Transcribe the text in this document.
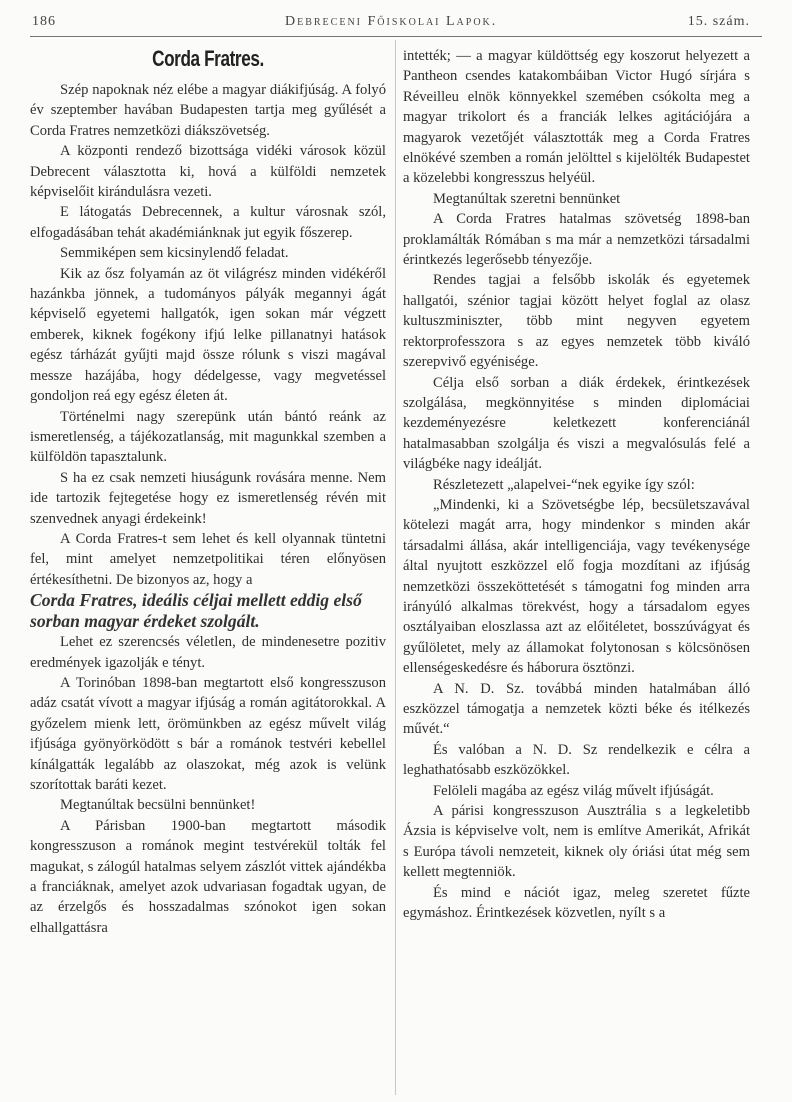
186	Debreceni Főiskolai Lapok.	15. szám.

Corda Fratres.

Szép napoknak néz elébe a magyar diákifjúság. A folyó év szeptember havában Budapesten tartja meg gyűlését a Corda Fratres nemzetközi diákszövetség.

A központi rendező bizottsága vidéki városok közül Debrecent választotta ki, hová a külföldi nemzetek képviselőit kirándulásra vezeti.

E látogatás Debrecennek, a kultur városnak szól, elfogadásában tehát akadémiánknak jut egyik főszerep.

Semmiképen sem kicsinylendő feladat.

Kik az ősz folyamán az öt világrész minden vidékéről hazánkba jönnek, a tudományos pályák megannyi ágát képviselő egyetemi hallgatók, igen sokan már végzett emberek, kiknek fogékony ifjú lelke pillanatnyi hatások egész tárházát gyűjti majd össze rólunk s viszi magával messze hazájába, hogy dédelgesse, vagy megvetéssel gondoljon reá egy egész életen át.

Történelmi nagy szerepünk után bántó reánk az ismeretlenség, a tájékozatlanság, mit magunkkal szemben a külföldön tapasztalunk.

S ha ez csak nemzeti hiuságunk rovására menne. Nem ide tartozik fejtegetése hogy ez ismeretlenség révén mit szenvednek anyagi érdekeink!

A Corda Fratres-t sem lehet és kell olyannak tüntetni fel, mint amelyet nemzetpolitikai téren előnyösen értékesíthetni. De bizonyos az, hogy a

Corda Fratres, ideális céljai mellett eddig első sorban magyar érdeket szolgált.

Lehet ez szerencsés véletlen, de mindenesetre pozitiv eredmények igazolják e tényt.

A Torinóban 1898-ban megtartott első kongresszuson adáz csatát vívott a magyar ifjúság a román agitátorokkal. A győzelem mienk lett, örömünkben az egész művelt világ ifjúsága gyönyörködött s bár a románok testvéri kebellel kínálgatták legalább az olaszokat, még azok is velünk szorítottak baráti kezet.

Megtanúltak becsülni bennünket!

A Párisban 1900-ban megtartott második kongresszuson a románok megint testvérekül tolták fel magukat, s zálogúl hatalmas selyem zászlót vittek ajándékba a franciáknak, amelyet azok udvariasan fogadtak ugyan, de az érzelgős és hosszadalmas szónokot igen sokan elhallgattásra

intették; — a magyar küldöttség egy koszorut helyezett a Pantheon csendes katakombáiban Victor Hugó sírjára s Réveilleu elnök könnyekkel szemében csókolta meg a magyar trikolort és a franciák lelkes agitációjára a magyarok vezetőjét választották meg a Corda Fratres elnökévé szemben a román jelölttel s kijelölték Budapestet a közelebbi kongresszus helyéül.

Megtanúltak szeretni bennünket

A Corda Fratres hatalmas szövetség 1898-ban proklamálták Rómában s ma már a nemzetközi társadalmi érintkezés legerősebb tényezője.

Rendes tagjai a felsőbb iskolák és egyetemek hallgatói, szénior tagjai között helyet foglal az olasz kultuszminiszter, több mint negyven egyetem rektorprofesszora s az egyes nemzetek több kiváló szerepvivő egyénisége.

Célja első sorban a diák érdekek, érintkezések szolgálása, megkönnyitése s minden diplomáciai kezdeményezésre keletkezett konferenciánál hatalmasabban szolgálja és viszi a megvalósulás felé a világbéke nagy ideálját.

Részletezett „alapelvei-“nek egyike így szól:

„Mindenki, ki a Szövetségbe lép, becsületszavával kötelezi magát arra, hogy mindenkor s minden akár társadalmi állása, akár intelligenciája, vagy tevékenysége által nyujtott eszközzel elő fogja mozdítani az ifjúság nemzetközi összeköttetését s támogatni fog minden arra irányúló alkalmas törekvést, hogy a társadalom egyes osztályaiban eloszlassa azt az előitéletet, bosszúvágyat és gyűlöletet, mely az államokat folytonosan s kölcsönösen ellenségeskedésre és háborura ösztönzi.

A N. D. Sz. továbbá minden hatalmában álló eszközzel támogatja a nemzetek közti béke és itélkezés művét.“

És valóban a N. D. Sz rendelkezik e célra a leghathatósabb eszközökkel.

Felöleli magába az egész világ művelt ifjúságát.

A párisi kongresszuson Ausztrália s a legkeletibb Ázsia is képviselve volt, nem is említve Amerikát, Afrikát s Európa távoli nemzeteit, kiknek oly óriási útat még sem kellett megtenniök.

És mind e nációt igaz, meleg szeretet fűzte egymáshoz. Érintkezések közvetlen, nyílt s a
